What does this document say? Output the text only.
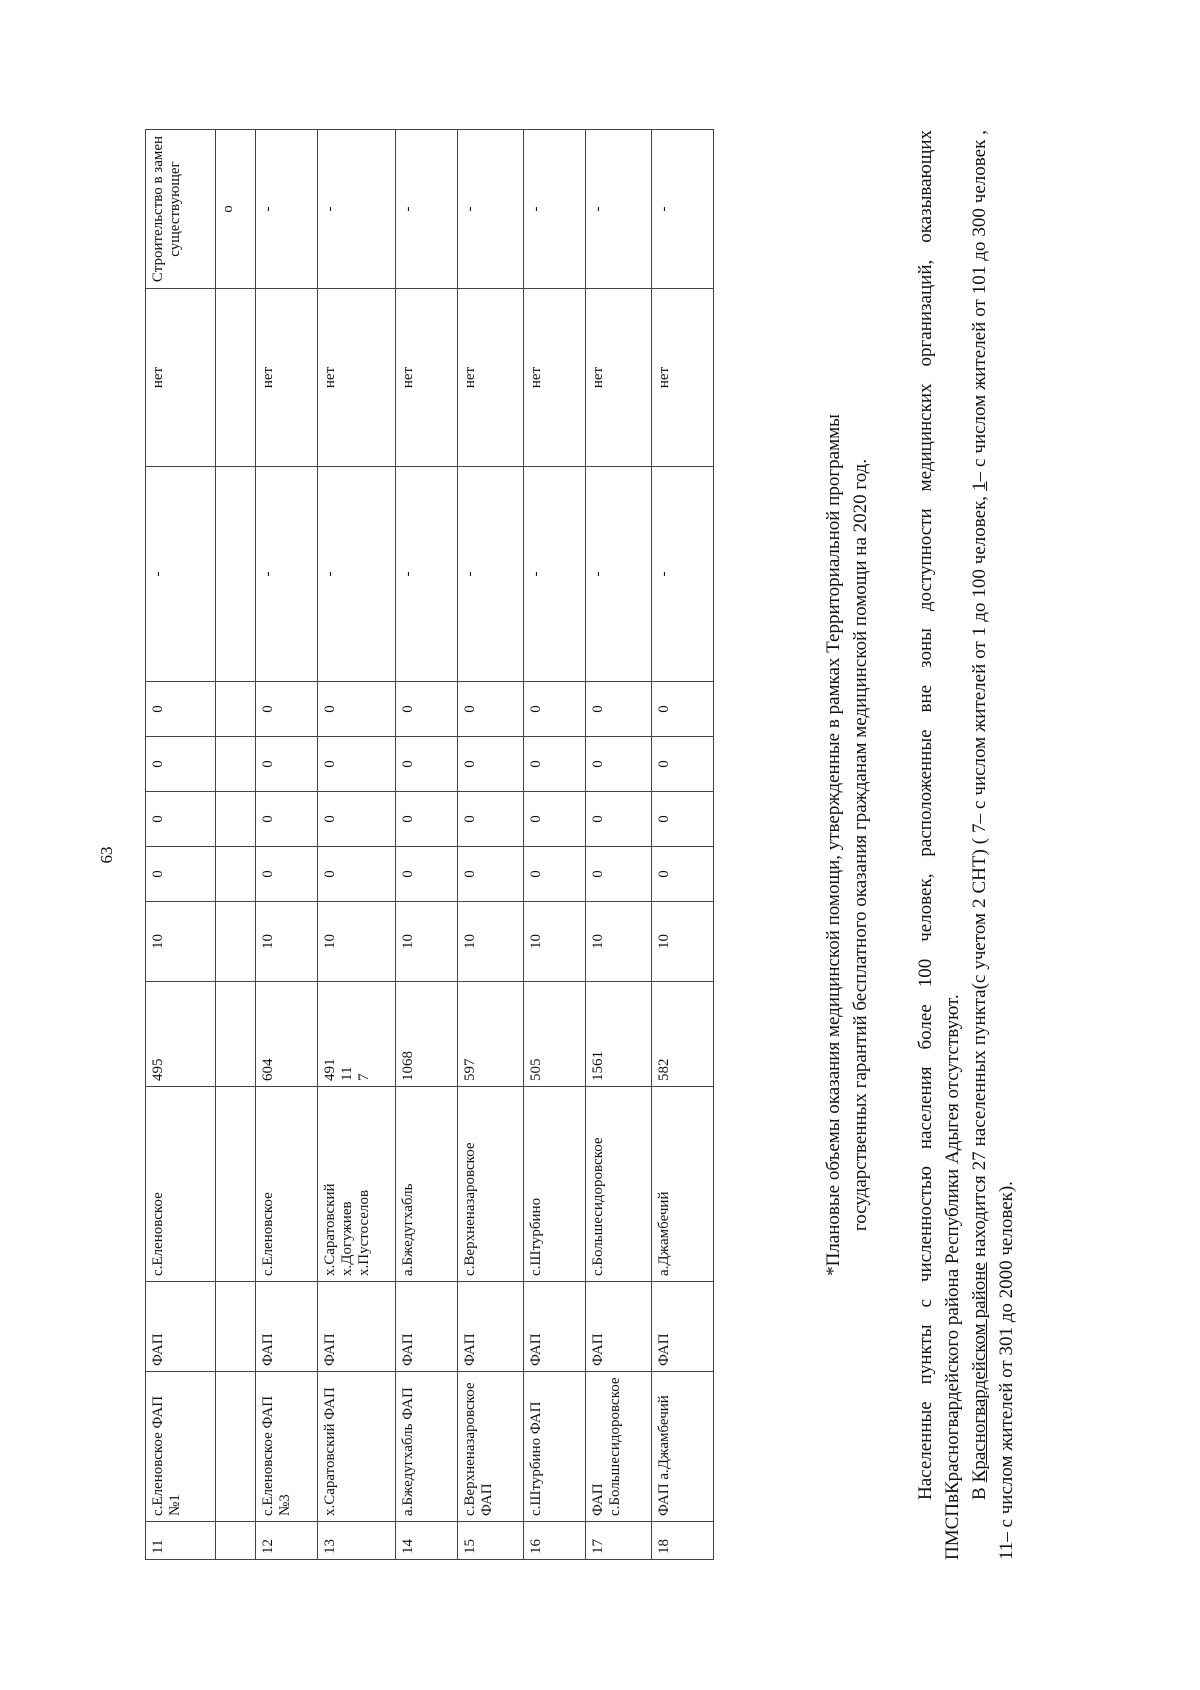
63
11	с.Еленовское ФАП №1	ФАП	с.Еленовское	495	10	0	0	0	0	-	нет	Строительство в замен существующег
												о
12	с.Еленовское ФАП №3	ФАП	с.Еленовское	604	10	0	0	0	0	-	нет	-
13	х.Саратовский ФАП	ФАП	х.Саратовский х.Догужиев х.Пустоселов	491 11 7	10	0	0	0	0	-	нет	-
14	а.Бжедугхабль ФАП	ФАП	а.Бжедугхабль	1068	10	0	0	0	0	-	нет	-
15	с.Верхненазаровское ФАП	ФАП	с.Верхненазаровское	597	10	0	0	0	0	-	нет	-
16	с.Штурбино ФАП	ФАП	с.Штурбино	505	10	0	0	0	0	-	нет	-
17	ФАП с.Большесидоровское	ФАП	с.Большесидоровское	1561	10	0	0	0	0	-	нет	-
18	ФАП а.Джамбечий	ФАП	а.Джамбечий	582	10	0	0	0	0	-	нет	-

*Плановые объемы оказания медицинской помощи, утвержденные в рамках Территориальной программы государственных гарантий бесплатного оказания гражданам медицинской помощи на 2020 год. Населенные пункты с численностью населения более 100 человек, расположенные вне зоны доступности медицинских организаций, оказывающих ПМСПвКрасногвардейского района Республики Адыгея отсутствуют. В Красногвардейском районе находится 27 населенных пункта(с учетом 2 СНТ) ( 7– с числом жителей от 1 до 100 человек, 1– с числом жителей от 101 до 300 человек , 11– с числом жителей от 301 до 2000 человек).
